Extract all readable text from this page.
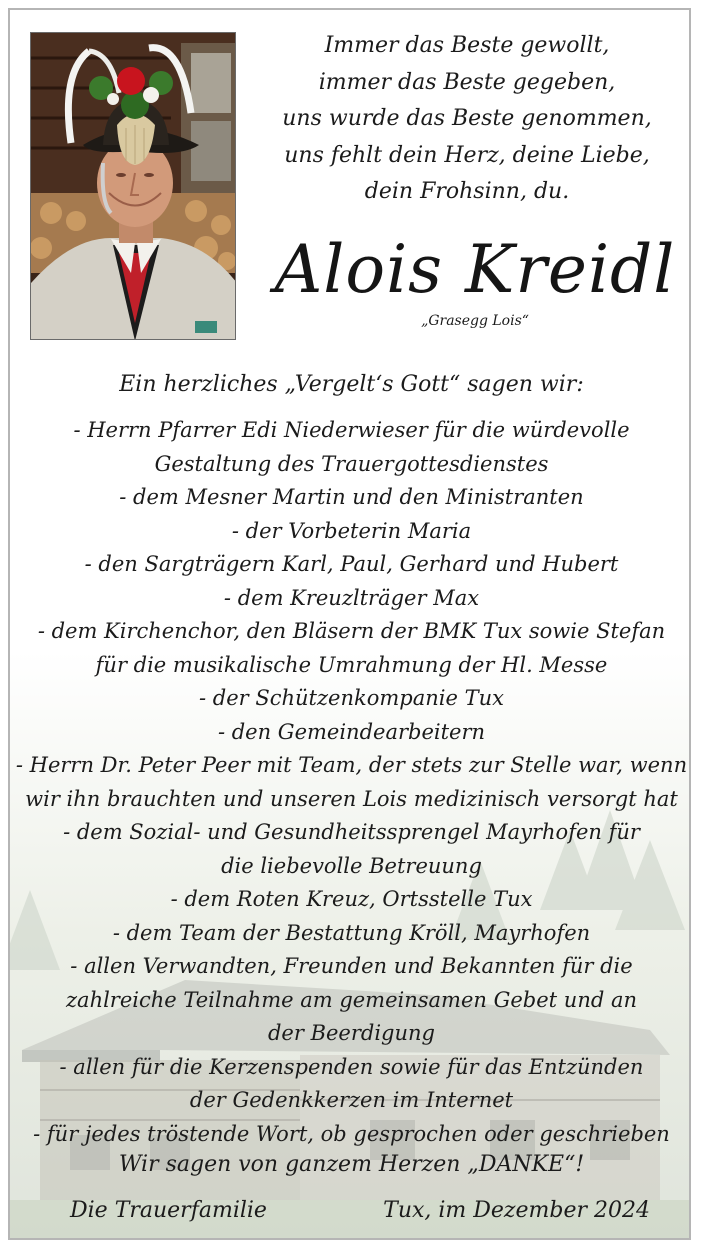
Immer das Beste gewollt,
immer das Beste gegeben,
uns wurde das Beste genommen,
uns fehlt dein Herz, deine Liebe,
dein Frohsinn, du.
Alois Kreidl
„Grasegg Lois“
Ein herzliches „Vergelt‘s Gott“ sagen wir:
- Herrn Pfarrer Edi Niederwieser für die würdevolle
Gestaltung des Trauergottesdienstes
- dem Mesner Martin und den Ministranten
- der Vorbeterin Maria
- den Sargträgern Karl, Paul, Gerhard und Hubert
- dem Kreuzlträger Max
- dem Kirchenchor, den Bläsern der BMK Tux sowie Stefan
für die musikalische Umrahmung der Hl. Messe
- der Schützenkompanie Tux
- den Gemeindearbeitern
- Herrn Dr. Peter Peer mit Team, der stets zur Stelle war, wenn
wir ihn brauchten und unseren Lois medizinisch versorgt hat
- dem Sozial- und Gesundheitssprengel Mayrhofen für
die liebevolle Betreuung
- dem Roten Kreuz, Ortsstelle Tux
- dem Team der Bestattung Kröll, Mayrhofen
- allen Verwandten, Freunden und Bekannten für die
zahlreiche Teilnahme am gemeinsamen Gebet und an
der Beerdigung
- allen für die Kerzenspenden sowie für das Entzünden
der Gedenkkerzen im Internet
- für jedes tröstende Wort, ob gesprochen oder geschrieben
Wir sagen von ganzem Herzen „DANKE“!
Die Trauerfamilie	Tux, im Dezember 2024
